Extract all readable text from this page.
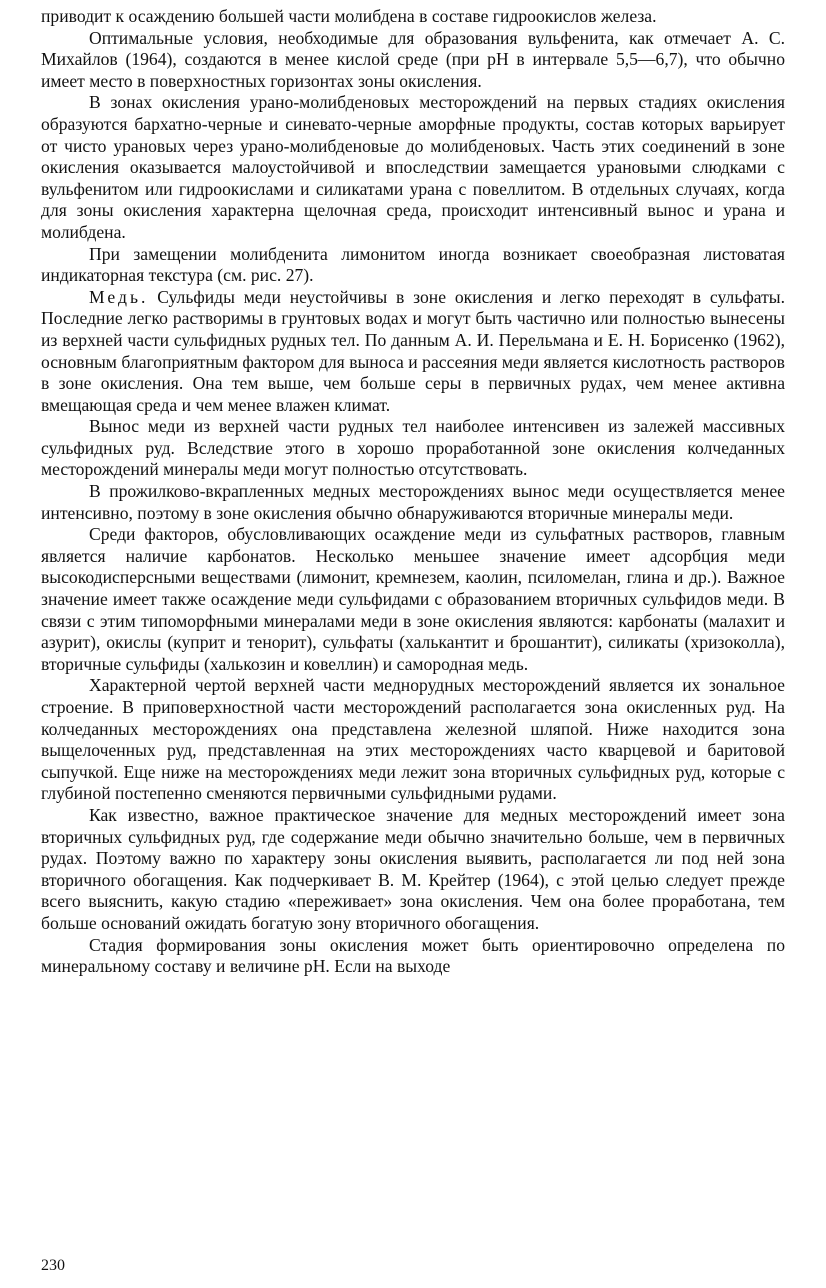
приводит к осаждению большей части молибдена в составе гидроокислов железа.

Оптимальные условия, необходимые для образования вульфенита, как отмечает А. С. Михайлов (1964), создаются в менее кислой среде (при рН в интервале 5,5—6,7), что обычно имеет место в поверхностных горизонтах зоны окисления.

В зонах окисления урано-молибденовых месторождений на первых стадиях окисления образуются бархатно-черные и синевато-черные аморфные продукты, состав которых варьирует от чисто урановых через урано-молибденовые до молибденовых. Часть этих соединений в зоне окисления оказывается малоустойчивой и впоследствии замещается урановыми слюдками с вульфенитом или гидроокислами и силикатами урана с повеллитом. В отдельных случаях, когда для зоны окисления характерна щелочная среда, происходит интенсивный вынос и урана и молибдена.

При замещении молибденита лимонитом иногда возникает своеобразная листоватая индикаторная текстура (см. рис. 27).

Медь. Сульфиды меди неустойчивы в зоне окисления и легко переходят в сульфаты. Последние легко растворимы в грунтовых водах и могут быть частично или полностью вынесены из верхней части сульфидных рудных тел. По данным А. И. Перельмана и Е. Н. Борисенко (1962), основным благоприятным фактором для выноса и рассеяния меди является кислотность растворов в зоне окисления. Она тем выше, чем больше серы в первичных рудах, чем менее активна вмещающая среда и чем менее влажен климат.

Вынос меди из верхней части рудных тел наиболее интенсивен из залежей массивных сульфидных руд. Вследствие этого в хорошо проработанной зоне окисления колчеданных месторождений минералы меди могут полностью отсутствовать.

В прожилково-вкрапленных медных месторождениях вынос меди осуществляется менее интенсивно, поэтому в зоне окисления обычно обнаруживаются вторичные минералы меди.

Среди факторов, обусловливающих осаждение меди из сульфатных растворов, главным является наличие карбонатов. Несколько меньшее значение имеет адсорбция меди высокодисперсными веществами (лимонит, кремнезем, каолин, псиломелан, глина и др.). Важное значение имеет также осаждение меди сульфидами с образованием вторичных сульфидов меди. В связи с этим типоморфными минералами меди в зоне окисления являются: карбонаты (малахит и азурит), окислы (куприт и тенорит), сульфаты (халькантит и брошантит), силикаты (хризоколла), вторичные сульфиды (халькозин и ковеллин) и самородная медь.

Характерной чертой верхней части меднорудных месторождений является их зональное строение. В приповерхностной части месторождений располагается зона окисленных руд. На колчеданных месторождениях она представлена железной шляпой. Ниже находится зона выщелоченных руд, представленная на этих месторождениях часто кварцевой и баритовой сыпучкой. Еще ниже на месторождениях меди лежит зона вторичных сульфидных руд, которые с глубиной постепенно сменяются первичными сульфидными рудами.

Как известно, важное практическое значение для медных месторождений имеет зона вторичных сульфидных руд, где содержание меди обычно значительно больше, чем в первичных рудах. Поэтому важно по характеру зоны окисления выявить, располагается ли под ней зона вторичного обогащения. Как подчеркивает В. М. Крейтер (1964), с этой целью следует прежде всего выяснить, какую стадию «переживает» зона окисления. Чем она более проработана, тем больше оснований ожидать богатую зону вторичного обогащения.

Стадия формирования зоны окисления может быть ориентировочно определена по минеральному составу и величине рН. Если на выходе

230
